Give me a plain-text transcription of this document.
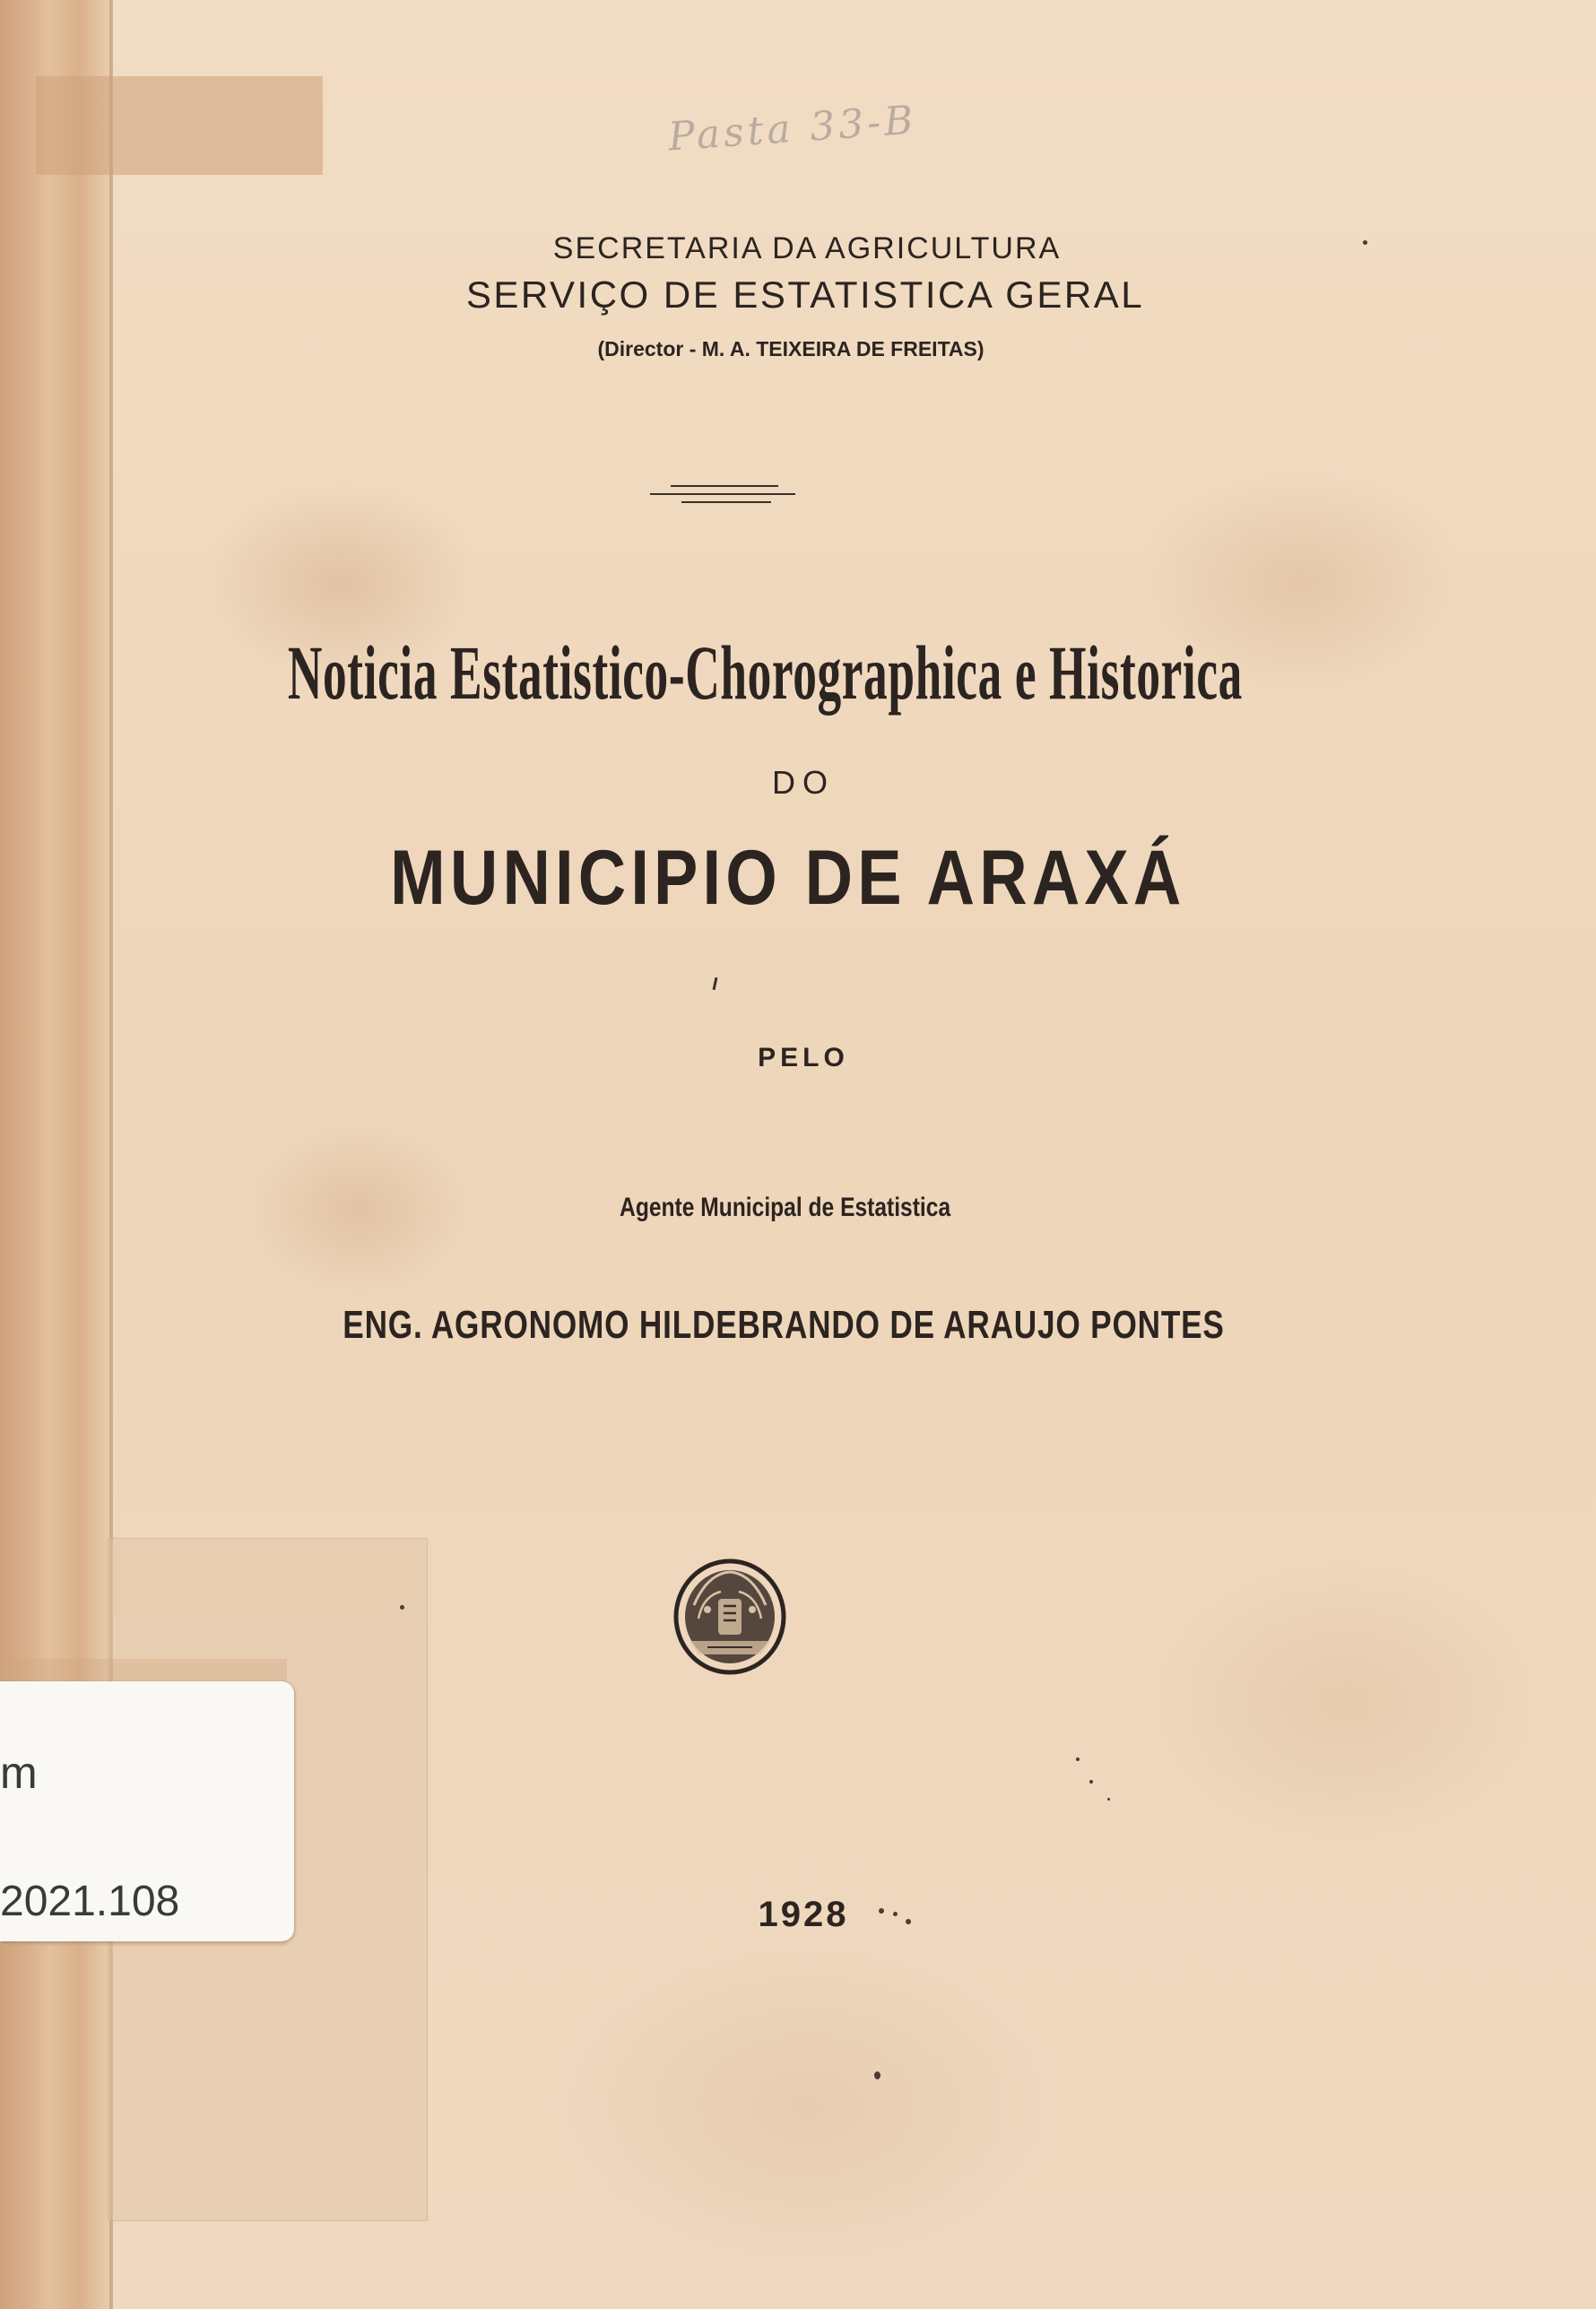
Pasta 33-B
SECRETARIA DA AGRICULTURA
SERVIÇO DE ESTATISTICA GERAL
(Director - M. A. TEIXEIRA DE FREITAS)
Noticia Estatistico-Chorographica e Historica
DO
MUNICIPIO DE ARAXÁ
PELO
Agente Municipal de Estatistica
ENG. AGRONOMO HILDEBRANDO DE ARAUJO PONTES
1928
m
2021.108
